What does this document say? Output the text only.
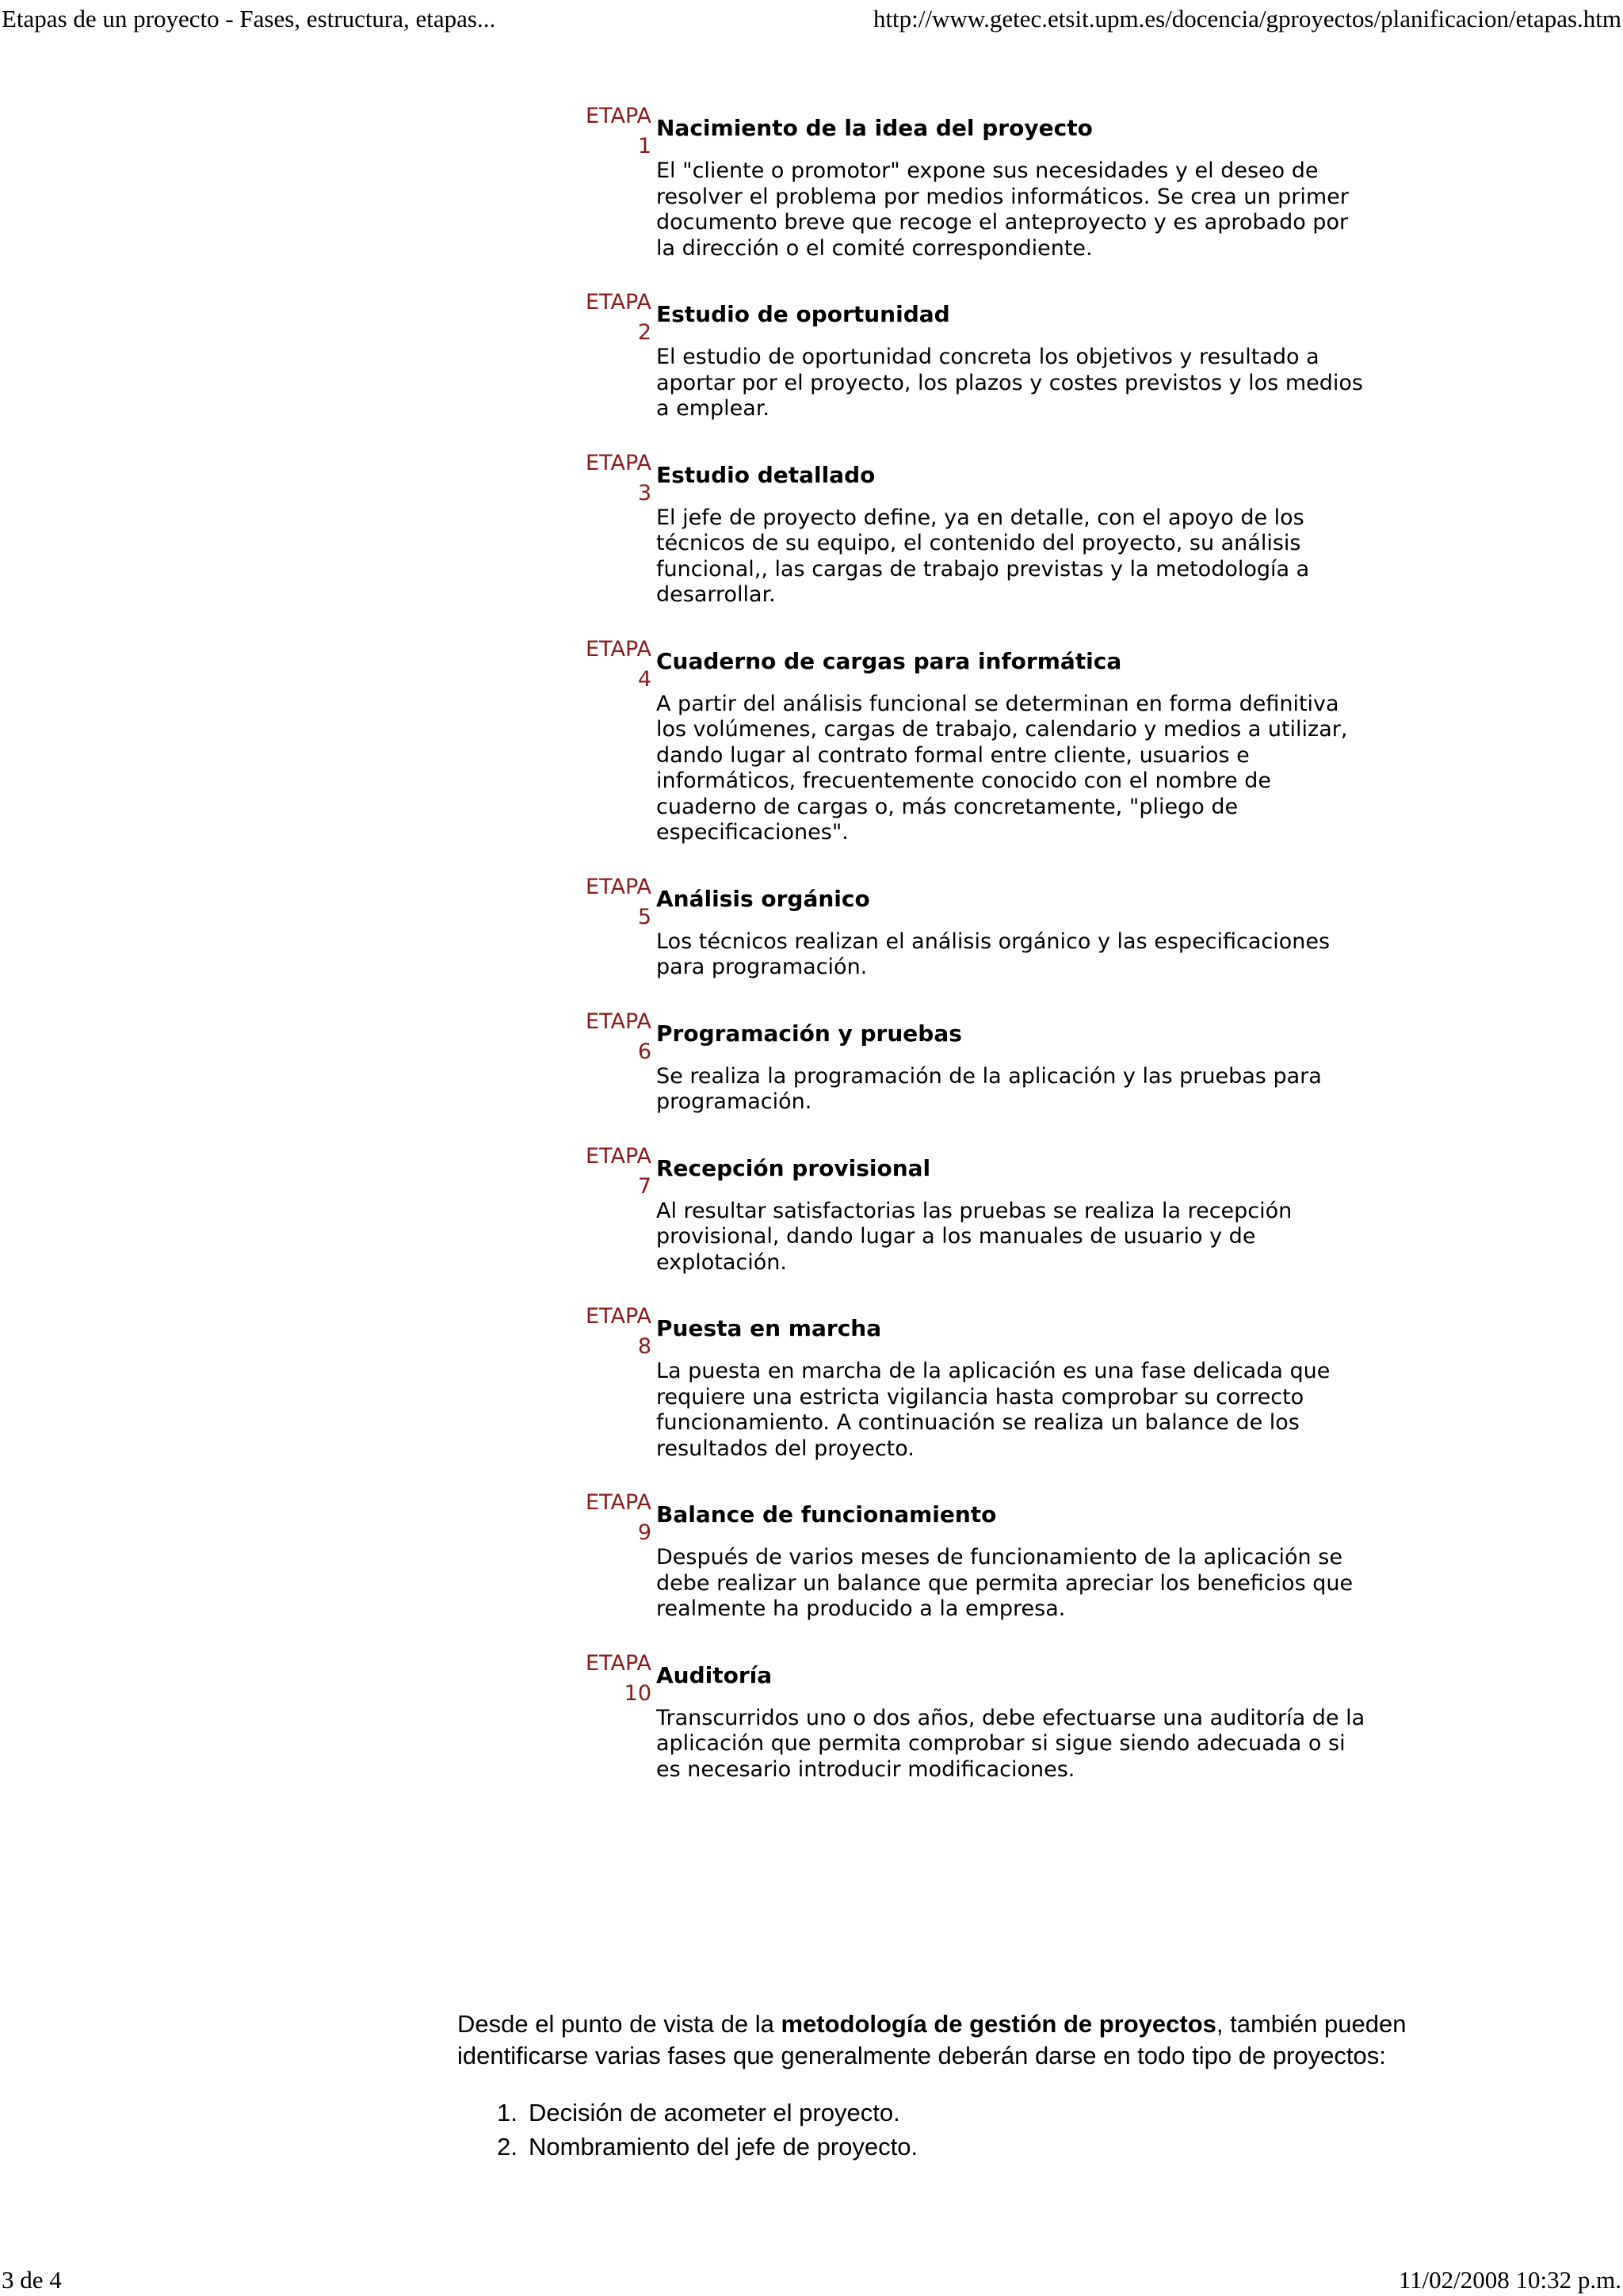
Etapas de un proyecto - Fases, estructura, etapas...	http://www.getec.etsit.upm.es/docencia/gproyectos/planificacion/etapas.htm
ETAPA
1

Nacimiento de la idea del proyecto

El "cliente o promotor" expone sus necesidades y el deseo de resolver el problema por medios informáticos. Se crea un primer documento breve que recoge el anteproyecto y es aprobado por la dirección o el comité correspondiente.

ETAPA
2

Estudio de oportunidad

El estudio de oportunidad concreta los objetivos y resultado a aportar por el proyecto, los plazos y costes previstos y los medios a emplear.

ETAPA
3

Estudio detallado

El jefe de proyecto define, ya en detalle, con el apoyo de los técnicos de su equipo, el contenido del proyecto, su análisis funcional,, las cargas de trabajo previstas y la metodología a desarrollar.

ETAPA
4

Cuaderno de cargas para informática

A partir del análisis funcional se determinan en forma definitiva los volúmenes, cargas de trabajo, calendario y medios a utilizar, dando lugar al contrato formal entre cliente, usuarios e informáticos, frecuentemente conocido con el nombre de cuaderno de cargas o, más concretamente, "pliego de especificaciones".

ETAPA
5

Análisis orgánico

Los técnicos realizan el análisis orgánico y las especificaciones para programación.

ETAPA
6

Programación y pruebas

Se realiza la programación de la aplicación y las pruebas para programación.

ETAPA
7

Recepción provisional

Al resultar satisfactorias las pruebas se realiza la recepción provisional, dando lugar a los manuales de usuario y de explotación.

ETAPA
8

Puesta en marcha

La puesta en marcha de la aplicación es una fase delicada que requiere una estricta vigilancia hasta comprobar su correcto funcionamiento. A continuación se realiza un balance de los resultados del proyecto.

ETAPA
9

Balance de funcionamiento

Después de varios meses de funcionamiento de la aplicación se debe realizar un balance que permita apreciar los beneficios que realmente ha producido a la empresa.

ETAPA
10

Auditoría

Transcurridos uno o dos años, debe efectuarse una auditoría de la aplicación que permita comprobar si sigue siendo adecuada o si es necesario introducir modificaciones.

Desde el punto de vista de la metodología de gestión de proyectos, también pueden identificarse varias fases que generalmente deberán darse en todo tipo de proyectos:

1. Decisión de acometer el proyecto.
2. Nombramiento del jefe de proyecto.
3 de 4	11/02/2008 10:32 p.m.
